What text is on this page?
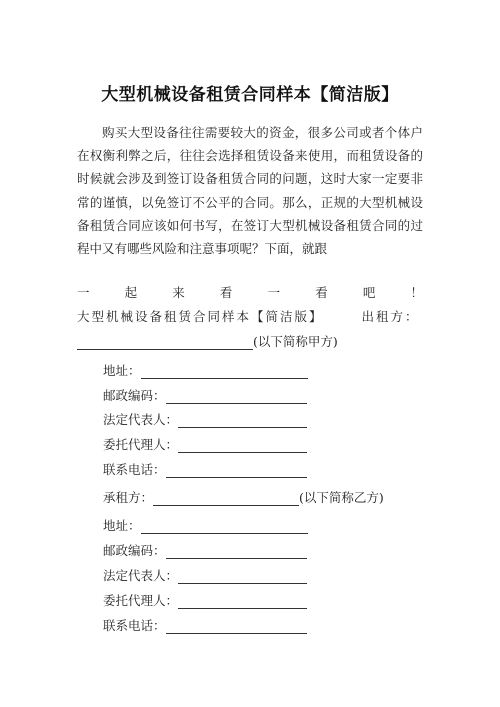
大型机械设备租赁合同样本【简洁版】
购买大型设备往往需要较大的资金，很多公司或者个体户在权衡利弊之后，往往会选择租赁设备来使用，而租赁设备的时候就会涉及到签订设备租赁合同的问题，这时大家一定要非常的谨慎，以免签订不公平的合同。那么，正规的大型机械设备租赁合同应该如何书写，在签订大型机械设备租赁合同的过程中又有哪些风险和注意事项呢？下面，就跟
一	起	来	看	一	看	吧	！
大型机械设备租赁合同样本【简洁版】	出租方：
(以下简称甲方)
地址：
邮政编码：
法定代表人：
委托代理人：
联系电话：
承租方：	(以下简称乙方)
地址：
邮政编码：
法定代表人：
委托代理人：
联系电话：
